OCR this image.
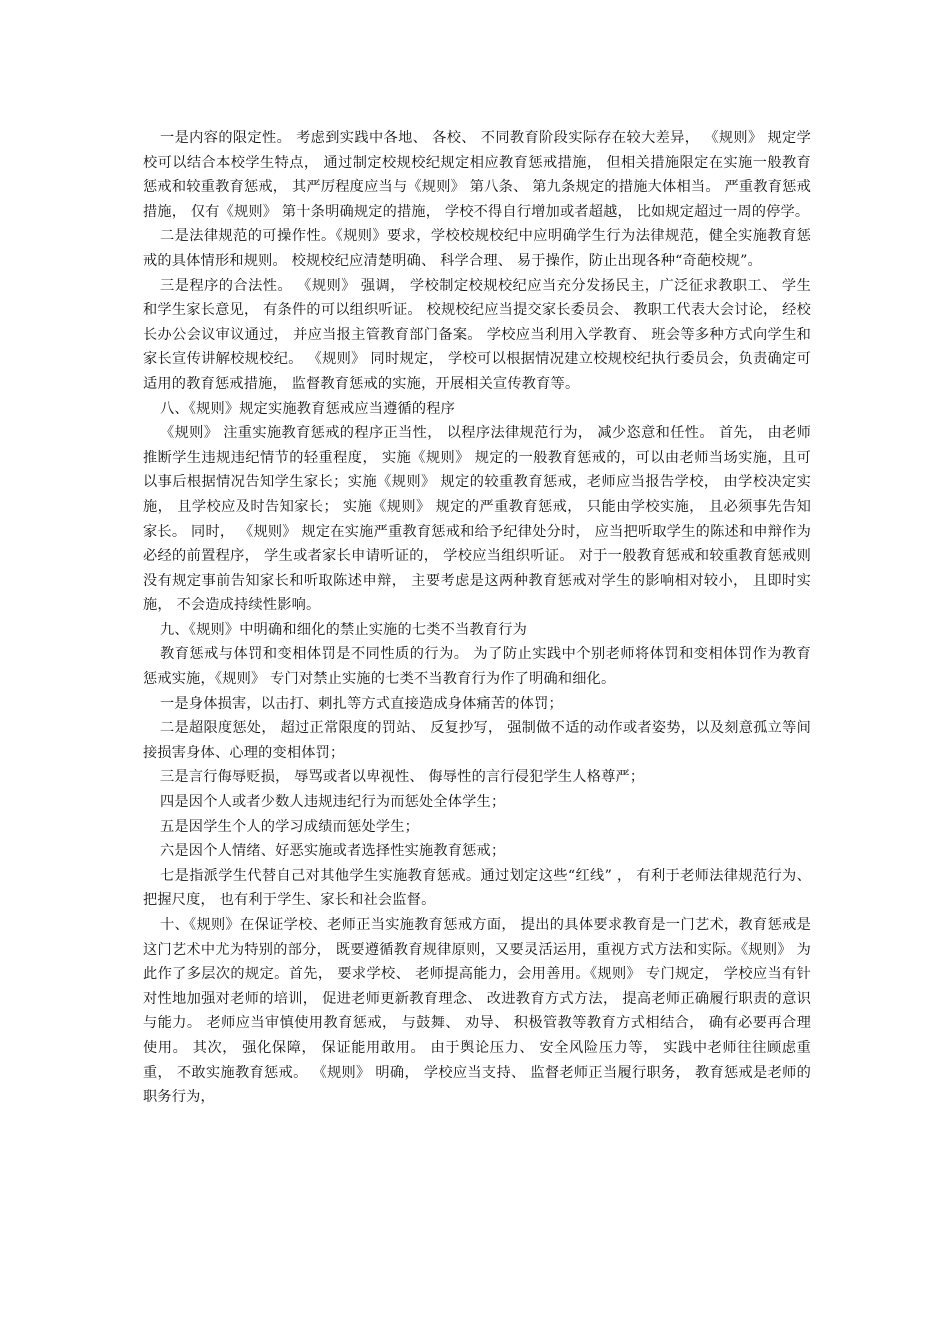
一是内容的限定性。 考虑到实践中各地、 各校、 不同教育阶段实际存在较大差异， 《规则》 规定学校可以结合本校学生特点， 通过制定校规校纪规定相应教育惩戒措施， 但相关措施限定在实施一般教育惩戒和较重教育惩戒， 其严厉程度应当与《规则》 第八条、 第九条规定的措施大体相当。 严重教育惩戒措施， 仅有《规则》 第十条明确规定的措施， 学校不得自行增加或者超越， 比如规定超过一周的停学。

二是法律规范的可操作性。《规则》要求，学校校规校纪中应明确学生行为法律规范，健全实施教育惩戒的具体情形和规则。 校规校纪应清楚明确、 科学合理、 易于操作，防止出现各种“奇葩校规”。

三是程序的合法性。 《规则》 强调， 学校制定校规校纪应当充分发扬民主，广泛征求教职工、 学生和学生家长意见， 有条件的可以组织听证。 校规校纪应当提交家长委员会、 教职工代表大会讨论， 经校长办公会议审议通过， 并应当报主管教育部门备案。 学校应当利用入学教育、 班会等多种方式向学生和家长宣传讲解校规校纪。 《规则》 同时规定， 学校可以根据情况建立校规校纪执行委员会，负责确定可适用的教育惩戒措施， 监督教育惩戒的实施，开展相关宣传教育等。

八、《规则》规定实施教育惩戒应当遵循的程序

《规则》 注重实施教育惩戒的程序正当性， 以程序法律规范行为， 减少恣意和任性。 首先， 由老师推断学生违规违纪情节的轻重程度， 实施《规则》 规定的一般教育惩戒的，可以由老师当场实施，且可以事后根据情况告知学生家长；实施《规则》 规定的较重教育惩戒，老师应当报告学校， 由学校决定实施， 且学校应及时告知家长； 实施《规则》 规定的严重教育惩戒， 只能由学校实施， 且必须事先告知家长。 同时， 《规则》 规定在实施严重教育惩戒和给予纪律处分时， 应当把听取学生的陈述和申辩作为必经的前置程序， 学生或者家长申请听证的， 学校应当组织听证。 对于一般教育惩戒和较重教育惩戒则没有规定事前告知家长和听取陈述申辩， 主要考虑是这两种教育惩戒对学生的影响相对较小， 且即时实施， 不会造成持续性影响。

九、《规则》中明确和细化的禁止实施的七类不当教育行为

教育惩戒与体罚和变相体罚是不同性质的行为。 为了防止实践中个别老师将体罚和变相体罚作为教育惩戒实施，《规则》 专门对禁止实施的七类不当教育行为作了明确和细化。

一是身体损害，以击打、刺扎等方式直接造成身体痛苦的体罚；

二是超限度惩处， 超过正常限度的罚站、 反复抄写， 强制做不适的动作或者姿势，以及刻意孤立等间接损害身体、心理的变相体罚；

三是言行侮辱贬损， 辱骂或者以卑视性、 侮辱性的言行侵犯学生人格尊严；

四是因个人或者少数人违规违纪行为而惩处全体学生；

五是因学生个人的学习成绩而惩处学生；

六是因个人情绪、好恶实施或者选择性实施教育惩戒；

七是指派学生代替自己对其他学生实施教育惩戒。通过划定这些“红线” ， 有利于老师法律规范行为、 把握尺度， 也有利于学生、家长和社会监督。

十、《规则》在保证学校、老师正当实施教育惩戒方面， 提出的具体要求教育是一门艺术，教育惩戒是这门艺术中尤为特别的部分， 既要遵循教育规律原则，又要灵活运用，重视方式方法和实际。《规则》 为此作了多层次的规定。首先， 要求学校、 老师提高能力，会用善用。《规则》 专门规定， 学校应当有针对性地加强对老师的培训， 促进老师更新教育理念、 改进教育方式方法， 提高老师正确履行职责的意识与能力。 老师应当审慎使用教育惩戒， 与鼓舞、 劝导、 积极管教等教育方式相结合， 确有必要再合理使用。 其次， 强化保障， 保证能用敢用。 由于舆论压力、 安全风险压力等， 实践中老师往往顾虑重重， 不敢实施教育惩戒。 《规则》 明确， 学校应当支持、 监督老师正当履行职务， 教育惩戒是老师的职务行为，
